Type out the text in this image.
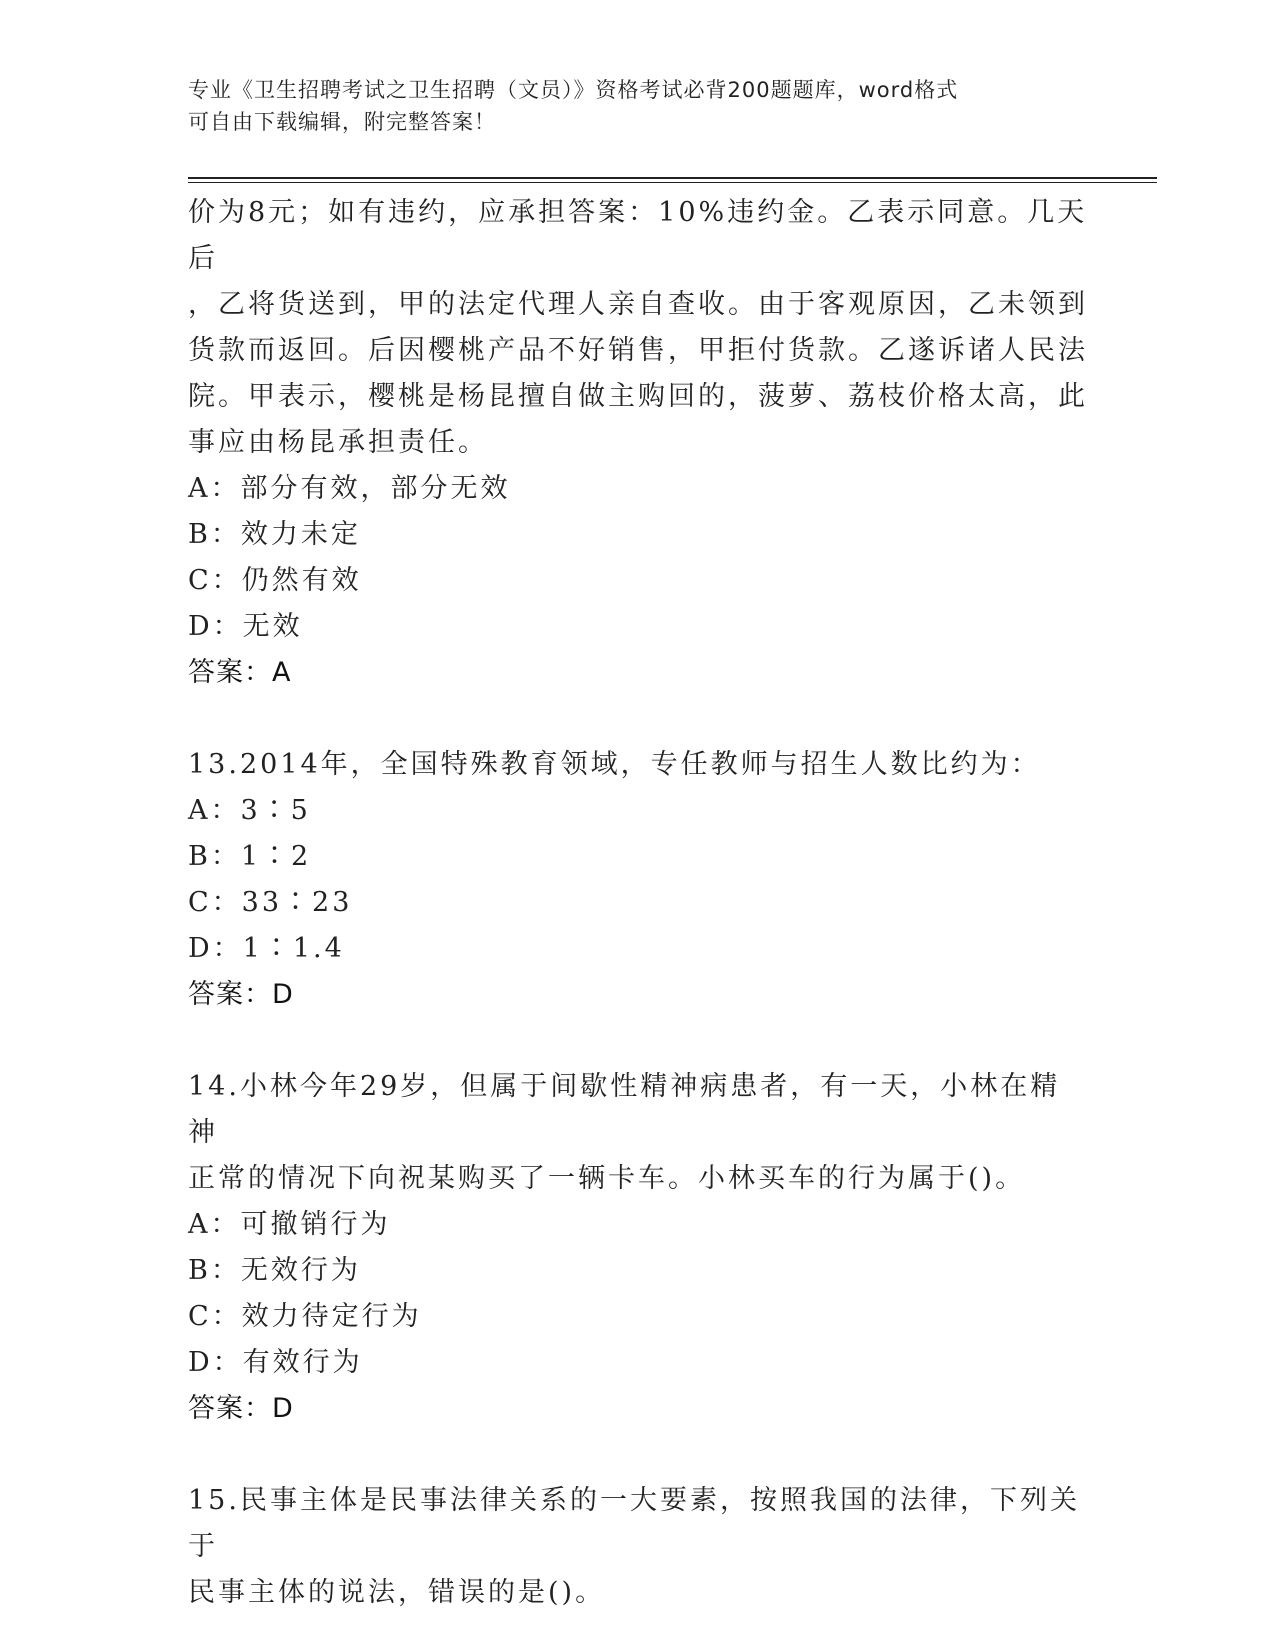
专业《卫生招聘考试之卫生招聘（文员）》资格考试必背200题题库，word格式
可自由下载编辑，附完整答案！
价为8元；如有违约，应承担答案：10%违约金。乙表示同意。几天后
，乙将货送到，甲的法定代理人亲自查收。由于客观原因，乙未领到
货款而返回。后因樱桃产品不好销售，甲拒付货款。乙遂诉诸人民法
院。甲表示，樱桃是杨昆擅自做主购回的，菠萝、荔枝价格太高，此
事应由杨昆承担责任。
A：部分有效，部分无效
B：效力未定
C：仍然有效
D：无效
答案：A
13.2014年，全国特殊教育领域，专任教师与招生人数比约为：
A：3∶5
B：1∶2
C：33∶23
D：1∶1.4
答案：D
14.小林今年29岁，但属于间歇性精神病患者，有一天，小林在精神
正常的情况下向祝某购买了一辆卡车。小林买车的行为属于()。
A：可撤销行为
B：无效行为
C：效力待定行为
D：有效行为
答案：D
15.民事主体是民事法律关系的一大要素，按照我国的法律，下列关于
民事主体的说法，错误的是()。
